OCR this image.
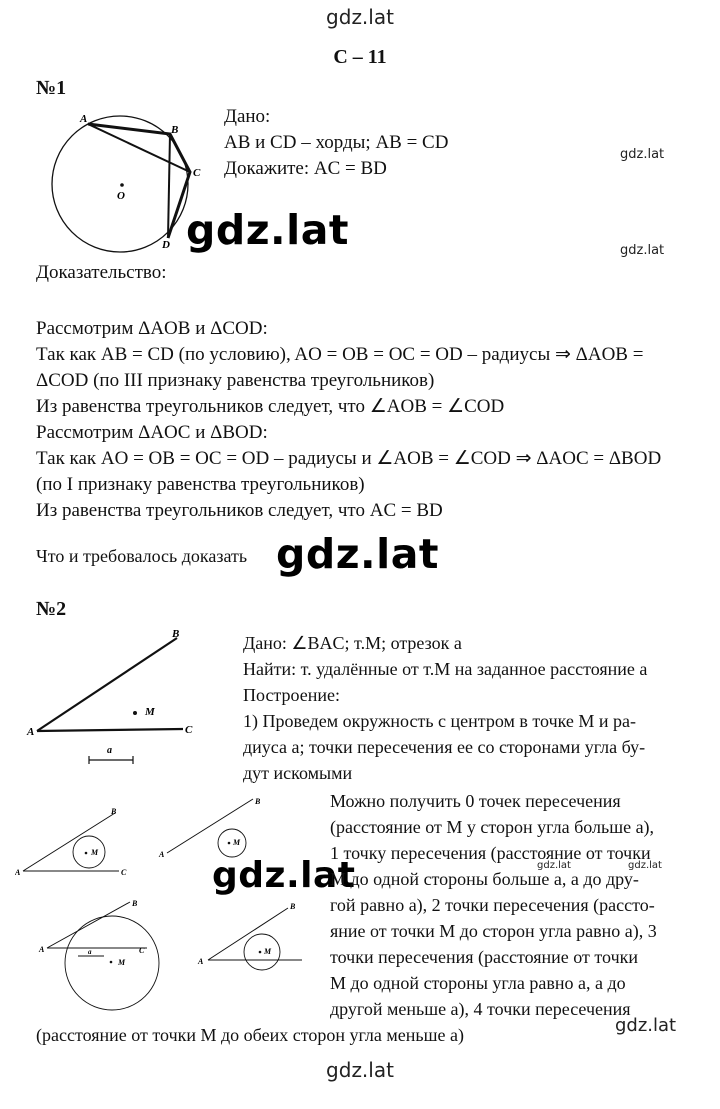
gdz.lat
gdz.lat
gdz.lat
gdz.lat
gdz.lat
gdz.lat	gdz.lat	gdz.lat
gdz.lat
gdz.lat
С – 11
№1
A
B
C
D
O
Дано:
AB и CD – хорды; AB = CD
Докажите: AC = BD
Доказательство:
Рассмотрим ΔAOB и ΔCOD:
Так как AB = CD (по условию), AO = OB = OC = OD – радиусы ⇒ ΔAOB =
ΔCOD (по III признаку равенства треугольников)
Из равенства треугольников следует, что ∠AOB = ∠COD
Рассмотрим ΔAOC и ΔBOD:
Так как AO = OB = OC = OD – радиусы и ∠AOB = ∠COD ⇒ ΔAOC = ΔBOD
(по I признаку равенства треугольников)
Из равенства треугольников следует, что AC = BD
Что и требовалось доказать
№2
A
B
C
M
a
Дано: ∠BAC; т.M; отрезок a
Найти: т. удалённые от т.M на заданное расстояние a
Построение:
1) Проведем окружность с центром в точке M и ра-
диуса a; точки пересечения ее со сторонами угла бу-
дут искомыми
A
B
C
M	A
B
M
A
B
C
M
a
A
B
M
Можно получить 0 точек пересечения
(расстояние от M у сторон угла больше a),
1 точку пересечения (расстояние от точки
M до одной стороны больше a, а до дру-
гой равно a), 2 точки пересечения (рассто-
яние от точки M до сторон угла равно a), 3
точки пересечения (расстояние от точки
M до одной стороны угла равно a, а до
другой меньше a), 4 точки пересечения
(расстояние от точки M до обеих сторон угла меньше a)
